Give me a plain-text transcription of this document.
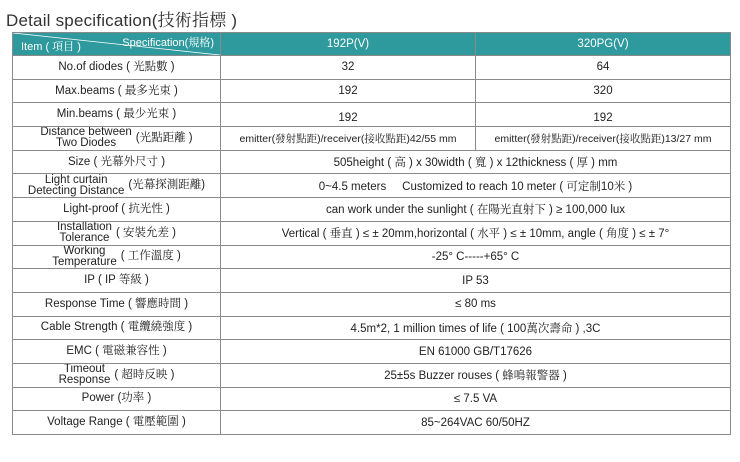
Detail specification(技術指標 )
Specification(規格)
Item ( 項目 )	192P(V)	320PG(V)
No.of diodes ( 光點數 )	32	64
Max.beams ( 最多光束 )	192	320
Min.beams ( 最少光束 )	192	192
Distance between
Two Diodes (光點距離 )	emitter(發射點距)/receiver(接收點距)42/55 mm	emitter(發射點距)/receiver(接收點距)13/27 mm
Size ( 光幕外尺寸 )	505height ( 高 ) x 30width ( 寬 ) x 12thickness ( 厚 ) mm	
Light curtain
Detecting Distance (光幕探測距離)	0~4.5 meters     Customized to reach 10 meter ( 可定制10米 )	
Light-proof ( 抗光性 )	can work under the sunlight ( 在陽光直射下 ) ≥ 100,000 lux	
Installation
Tolerance ( 安裝允差 )	Vertical ( 垂直 ) ≤ ± 20mm,horizontal ( 水平 ) ≤ ± 10mm, angle ( 角度 ) ≤ ± 7°	
Working
Temperature ( 工作溫度 )	-25° C-----+65° C	
IP ( IP 等級 )	IP 53	
Response Time ( 響應時間 )	≤ 80 ms	
Cable Strength ( 電纜繞強度 )	4.5m*2, 1 million times of life ( 100萬次壽命 ) ,3C	
EMC ( 電磁兼容性 )	EN 61000 GB/T17626	
Timeout
Response ( 超時反映 )	25±5s Buzzer rouses ( 蜂鳴報警器 )	
Power (功率 )	≤ 7.5 VA	
Voltage Range ( 電壓範圍 )	85~264VAC 60/50HZ	
